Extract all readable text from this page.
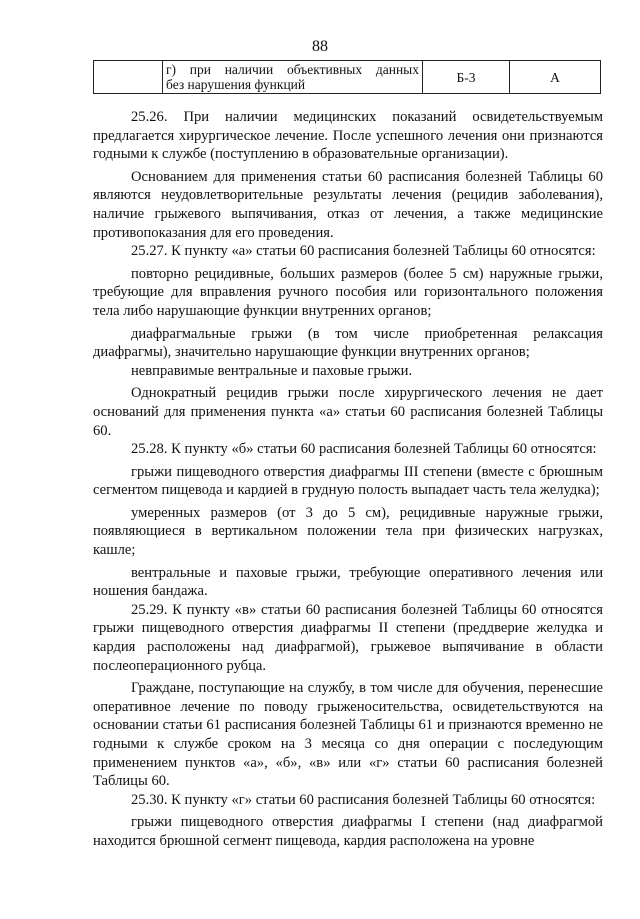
88

г) при наличии объективных данных
без нарушения функций	Б-3	А

25.26. При наличии медицинских показаний освидетельствуемым предлагается хирургическое лечение. После успешного лечения они признаются годными к службе (поступлению в образовательные организации).

Основанием для применения статьи 60 расписания болезней Таблицы 60 являются неудовлетворительные результаты лечения (рецидив заболевания), наличие грыжевого выпячивания, отказ от лечения, а также медицинские противопоказания для его проведения.

25.27. К пункту «а» статьи 60 расписания болезней Таблицы 60 относятся:

повторно рецидивные, больших размеров (более 5 см) наружные грыжи, требующие для вправления ручного пособия или горизонтального положения тела либо нарушающие функции внутренних органов;

диафрагмальные грыжи (в том числе приобретенная релаксация диафрагмы), значительно нарушающие функции внутренних органов;

невправимые вентральные и паховые грыжи.

Однократный рецидив грыжи после хирургического лечения не дает оснований для применения пункта «а» статьи 60 расписания болезней Таблицы 60.

25.28. К пункту «б» статьи 60 расписания болезней Таблицы 60 относятся:

грыжи пищеводного отверстия диафрагмы III степени (вместе с брюшным сегментом пищевода и кардией в грудную полость выпадает часть тела желудка);

умеренных размеров (от 3 до 5 см), рецидивные наружные грыжи, появляющиеся в вертикальном положении тела при физических нагрузках, кашле;

вентральные и паховые грыжи, требующие оперативного лечения или ношения бандажа.

25.29. К пункту «в» статьи 60 расписания болезней Таблицы 60 относятся грыжи пищеводного отверстия диафрагмы II степени (преддверие желудка и кардия расположены над диафрагмой), грыжевое выпячивание в области послеоперационного рубца.

Граждане, поступающие на службу, в том числе для обучения, перенесшие оперативное лечение по поводу грыженосительства, освидетельствуются на основании статьи 61 расписания болезней Таблицы 61 и признаются временно не годными к службе сроком на 3 месяца со дня операции с последующим применением пунктов «а», «б», «в» или «г» статьи 60 расписания болезней Таблицы 60.

25.30. К пункту «г» статьи 60 расписания болезней Таблицы 60 относятся:

грыжи пищеводного отверстия диафрагмы I степени (над диафрагмой находится брюшной сегмент пищевода, кардия расположена на уровне
